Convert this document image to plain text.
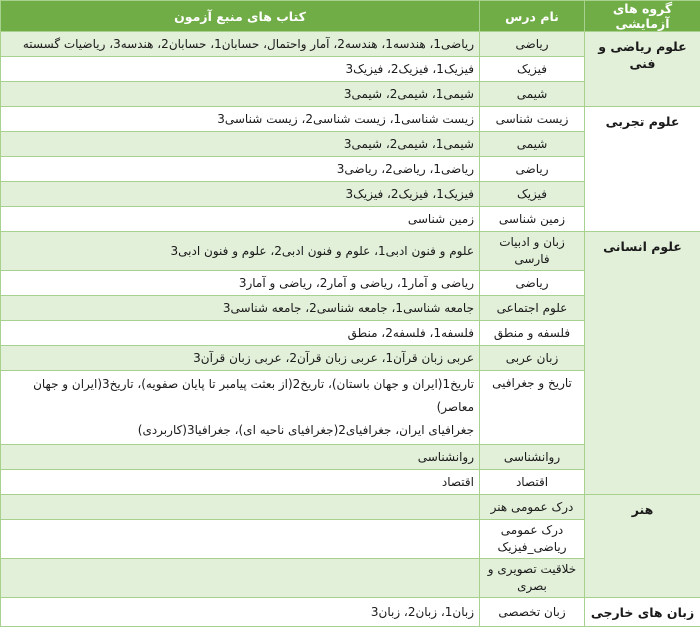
گروه های آزمایشی	نام درس	کتاب های منبع آزمون
علوم ریاضی و فنی	ریاضی	ریاضی1، هندسه1، هندسه2، آمار واحتمال، حسابان1، حسابان2، هندسه3، ریاضیات گسسته
	فیزیک	فیزیک1، فیزیک2، فیزیک3
	شیمی	شیمی1، شیمی2، شیمی3
علوم تجربی	زیست شناسی	زیست شناسی1، زیست شناسی2، زیست شناسی3
	شیمی	شیمی1، شیمی2، شیمی3
	ریاضی	ریاضی1، ریاضی2، ریاضی3
	فیزیک	فیزیک1، فیزیک2، فیزیک3
	زمین شناسی	زمین شناسی
علوم انسانی	زبان و ادبیات فارسی	علوم و فنون ادبی1، علوم و فنون ادبی2، علوم و فنون ادبی3
	ریاضی	ریاضی و آمار1، ریاضی و آمار2، ریاضی و آمار3
	علوم اجتماعی	جامعه شناسی1، جامعه شناسی2، جامعه شناسی3
	فلسفه و منطق	فلسفه1، فلسفه2، منطق
	زبان عربی	عربی زبان قرآن1، عربی زبان قرآن2، عربی زبان قرآن3
	تاریخ و جغرافیی	تاریخ1(ایران و جهان باستان)، تاریخ2(از بعثت پیامبر تا پایان صفویه)، تاریخ3(ایران و جهان معاصر)
جغرافیای ایران، جغرافیای2(جغرافیای ناحیه ای)، جغرافیا3(کاربردی)

	روانشناسی	روانشناسی
	اقتصاد	اقتصاد
هنر	درک عمومی هنر	
	درک عمومی ریاضی_فیزیک	
	خلاقیت تصویری و بصری	
زبان های خارجی	زبان تخصصی	زبان1، زبان2، زبان3
